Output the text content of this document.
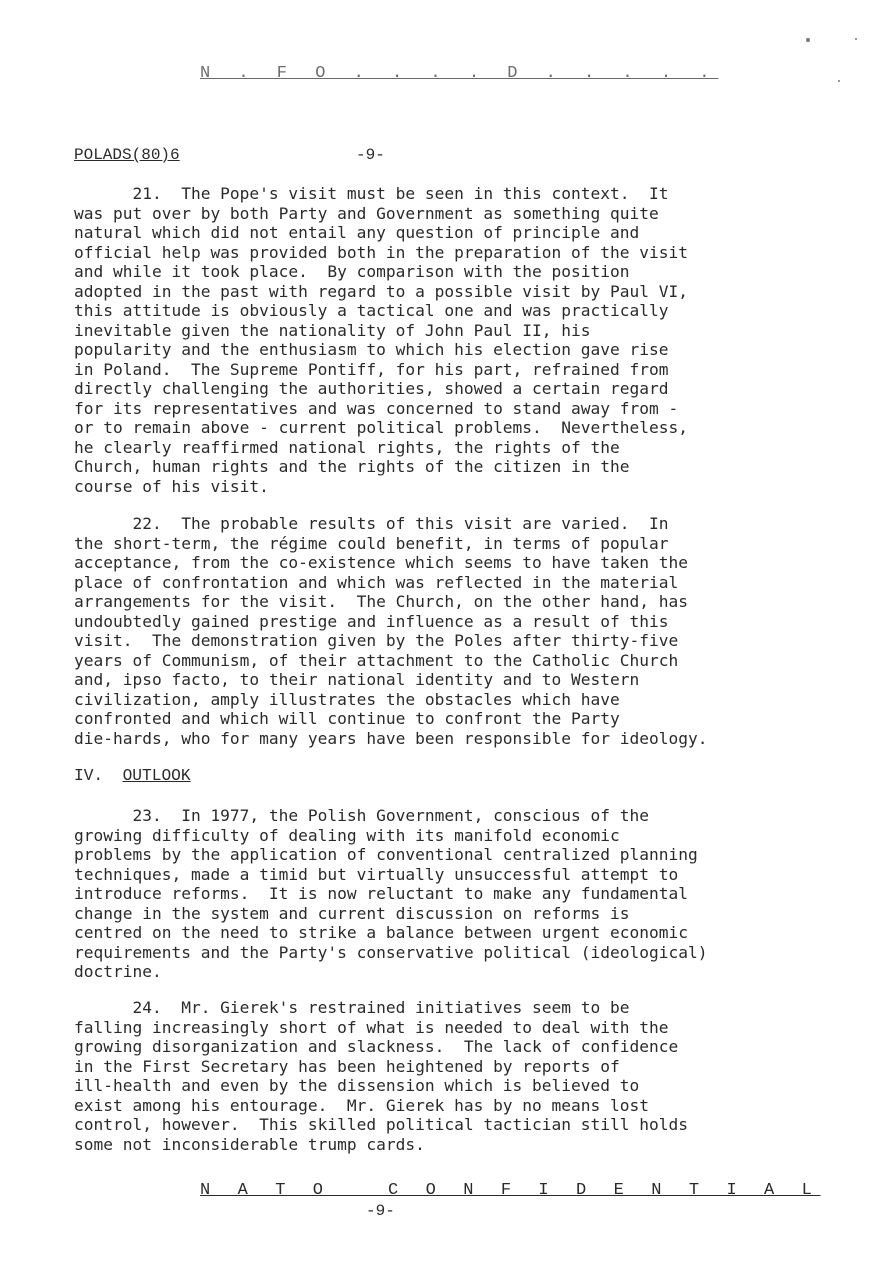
N . F O . . . . D . . . . .
POLADS(80)6	-9-
21.  The Pope's visit must be seen in this context.  It
was put over by both Party and Government as something quite
natural which did not entail any question of principle and
official help was provided both in the preparation of the visit
and while it took place.  By comparison with the position
adopted in the past with regard to a possible visit by Paul VI,
this attitude is obviously a tactical one and was practically
inevitable given the nationality of John Paul II, his
popularity and the enthusiasm to which his election gave rise
in Poland.  The Supreme Pontiff, for his part, refrained from
directly challenging the authorities, showed a certain regard
for its representatives and was concerned to stand away from -
or to remain above - current political problems.  Nevertheless,
he clearly reaffirmed national rights, the rights of the
Church, human rights and the rights of the citizen in the
course of his visit.
22.  The probable results of this visit are varied.  In
the short-term, the régime could benefit, in terms of popular
acceptance, from the co-existence which seems to have taken the
place of confrontation and which was reflected in the material
arrangements for the visit.  The Church, on the other hand, has
undoubtedly gained prestige and influence as a result of this
visit.  The demonstration given by the Poles after thirty-five
years of Communism, of their attachment to the Catholic Church
and, ipso facto, to their national identity and to Western
civilization, amply illustrates the obstacles which have
confronted and which will continue to confront the Party
die-hards, who for many years have been responsible for ideology.
IV. OUTLOOK
23.  In 1977, the Polish Government, conscious of the
growing difficulty of dealing with its manifold economic
problems by the application of conventional centralized planning
techniques, made a timid but virtually unsuccessful attempt to
introduce reforms.  It is now reluctant to make any fundamental
change in the system and current discussion on reforms is
centred on the need to strike a balance between urgent economic
requirements and the Party's conservative political (ideological)
doctrine.
24.  Mr. Gierek's restrained initiatives seem to be
falling increasingly short of what is needed to deal with the
growing disorganization and slackness.  The lack of confidence
in the First Secretary has been heightened by reports of
ill-health and even by the dissension which is believed to
exist among his entourage.  Mr. Gierek has by no means lost
control, however.  This skilled political tactician still holds
some not inconsiderable trump cards.
N A T O   C O N F I D E N T I A L
-9-
